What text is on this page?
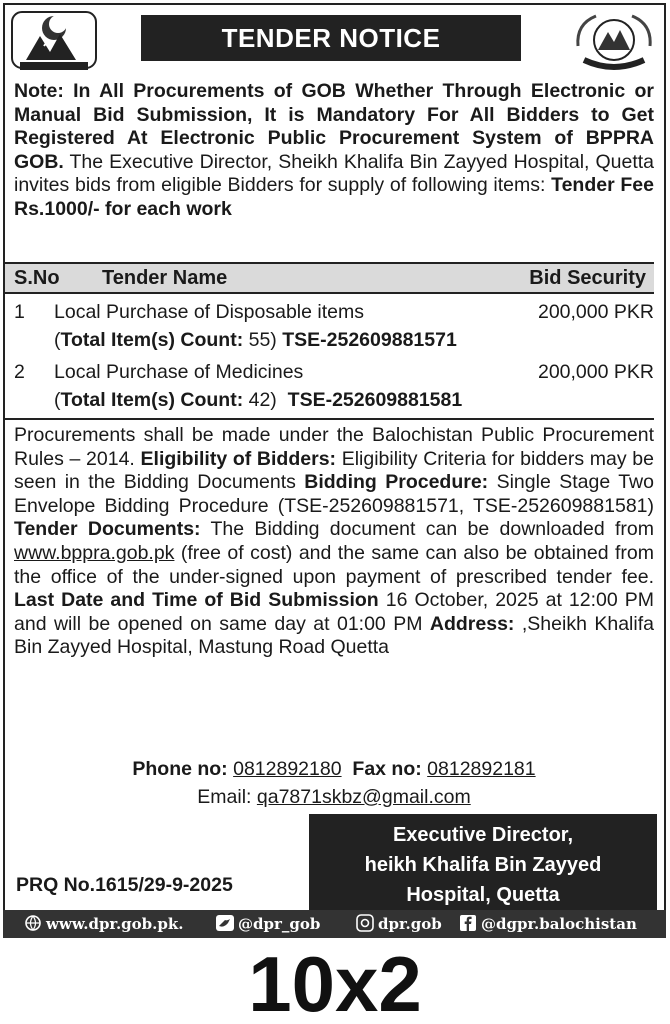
TENDER NOTICE
Note: In All Procurements of GOB Whether Through Electronic or Manual Bid Submission, It is Mandatory For All Bidders to Get Registered At Electronic Public Procurement System of BPPRA GOB. The Executive Director, Sheikh Khalifa Bin Zayyed Hospital, Quetta invites bids from eligible Bidders for supply of following items: Tender Fee Rs.1000/- for each work
S.No Tender Name	Bid Security
1 Local Purchase of Disposable items	200,000 PKR
(Total Item(s) Count: 55) TSE-252609881571
2 Local Purchase of Medicines	200,000 PKR
(Total Item(s) Count: 42) TSE-252609881581
Procurements shall be made under the Balochistan Public Procurement Rules – 2014. Eligibility of Bidders: Eligibility Criteria for bidders may be seen in the Bidding Documents Bidding Procedure: Single Stage Two Envelope Bidding Procedure (TSE-252609881571, TSE-252609881581) Tender Documents: The Bidding document can be downloaded from www.bppra.gob.pk (free of cost) and the same can also be obtained from the office of the under-signed upon payment of prescribed tender fee. Last Date and Time of Bid Submission 16 October, 2025 at 12:00 PM and will be opened on same day at 01:00 PM Address: ,Sheikh Khalifa Bin Zayyed Hospital, Mastung Road Quetta
Phone no: 0812892180 Fax no: 0812892181
Email: qa7871skbz@gmail.com
Executive Director,
heikh Khalifa Bin Zayyed
Hospital, Quetta
PRQ No.1615/29-9-2025
www.dpr.gob.pk.	@dpr_gob	dpr.gob	@dgpr.balochistan
10x2
